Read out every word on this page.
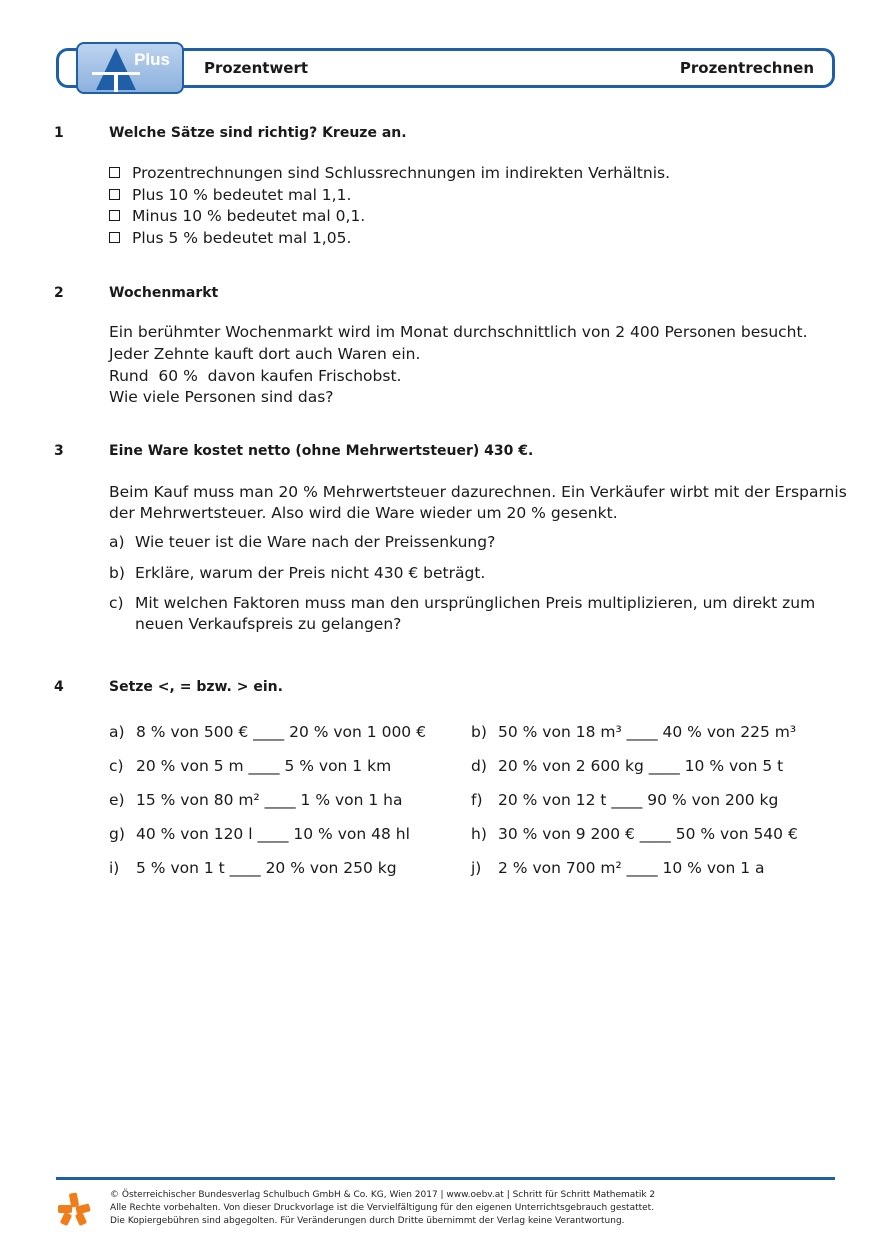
Plus Prozentwert	Prozentrechnen
1	Welche Sätze sind richtig? Kreuze an.
Prozentrechnungen sind Schlussrechnungen im indirekten Verhältnis.
Plus 10 % bedeutet mal 1,1.
Minus 10 % bedeutet mal 0,1.
Plus 5 % bedeutet mal 1,05.
2	Wochenmarkt
Ein berühmter Wochenmarkt wird im Monat durchschnittlich von 2 400 Personen besucht.
Jeder Zehnte kauft dort auch Waren ein.
Rund  60 %  davon kaufen Frischobst.
Wie viele Personen sind das?
3	Eine Ware kostet netto (ohne Mehrwertsteuer) 430 €.
Beim Kauf muss man 20 % Mehrwertsteuer dazurechnen. Ein Verkäufer wirbt mit der Ersparnis
der Mehrwertsteuer. Also wird die Ware wieder um 20 % gesenkt.
a) Wie teuer ist die Ware nach der Preissenkung?
b) Erkläre, warum der Preis nicht 430 € beträgt.
c) Mit welchen Faktoren muss man den ursprünglichen Preis multiplizieren, um direkt zum
neuen Verkaufspreis zu gelangen?
4	Setze <, = bzw. > ein.
a) 8 % von 500 € ____ 20 % von 1 000 €	b) 50 % von 18 m³ ____ 40 % von 225 m³
c) 20 % von 5 m ____ 5 % von 1 km	d) 20 % von 2 600 kg ____ 10 % von 5 t
e) 15 % von 80 m² ____ 1 % von 1 ha	f) 20 % von 12 t ____ 90 % von 200 kg
g) 40 % von 120 l ____ 10 % von 48 hl	h) 30 % von 9 200 € ____ 50 % von 540 €
i) 5 % von 1 t ____ 20 % von 250 kg	j) 2 % von 700 m² ____ 10 % von 1 a
© Österreichischer Bundesverlag Schulbuch GmbH & Co. KG, Wien 2017 | www.oebv.at | Schritt für Schritt Mathematik 2
Alle Rechte vorbehalten. Von dieser Druckvorlage ist die Vervielfältigung für den eigenen Unterrichtsgebrauch gestattet.
Die Kopiergebühren sind abgegolten. Für Veränderungen durch Dritte übernimmt der Verlag keine Verantwortung.
